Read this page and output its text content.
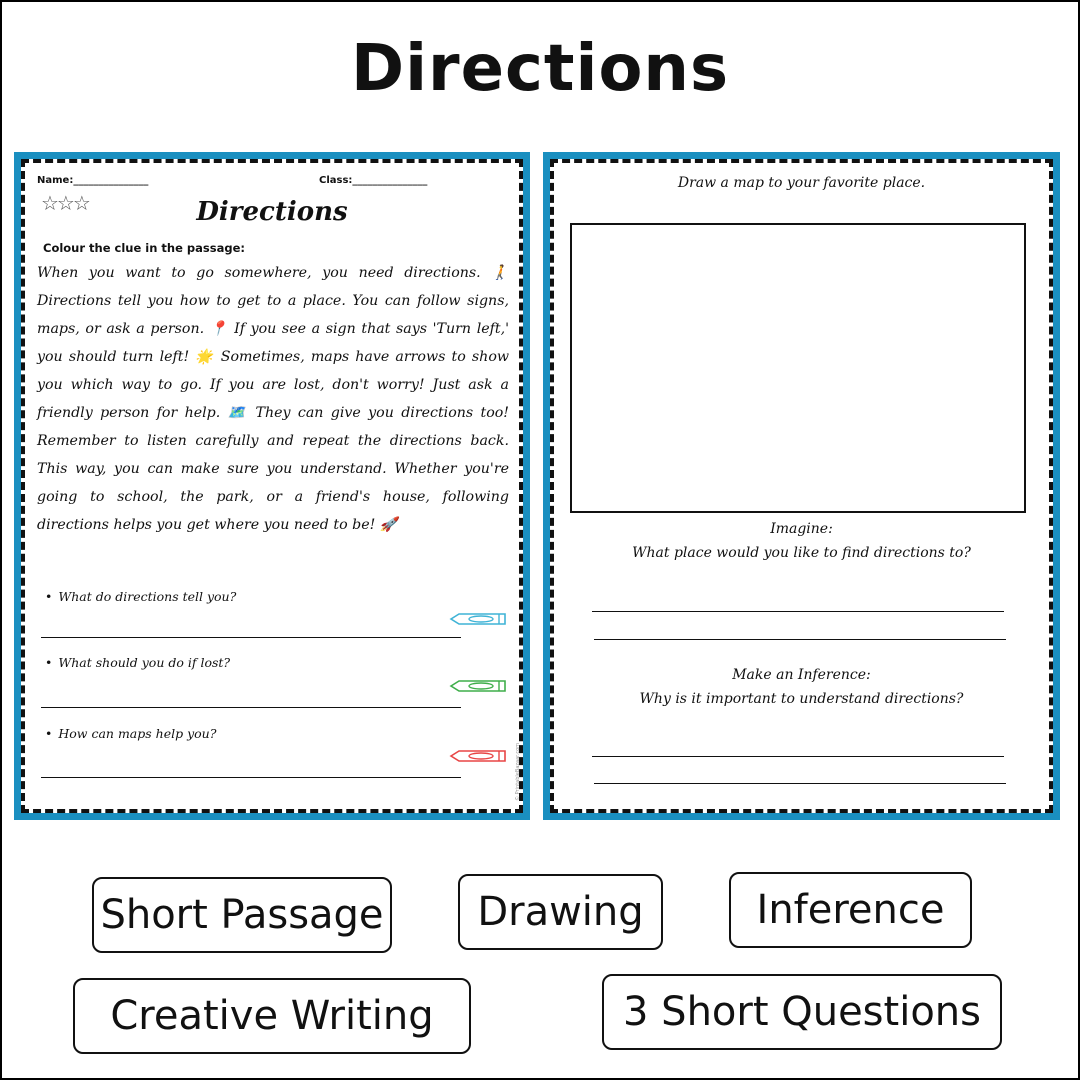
Directions
Name:_______________	Class:_______________
☆☆☆	Directions
Colour the clue in the passage:
When you want to go somewhere, you need directions. 🚶 Directions tell you how to get to a place. You can follow signs, maps, or ask a person. 📍 If you see a sign that says 'Turn left,' you should turn left! 🌟 Sometimes, maps have arrows to show you which way to go. If you are lost, don't worry! Just ask a friendly person for help. 🗺️ They can give you directions too! Remember to listen carefully and repeat the directions back. This way, you can make sure you understand. Whether you're going to school, the park, or a friend's house, following directions helps you get where you need to be! 🚀
• What do directions tell you?
• What should you do if lost?
• How can maps help you?
© PrintableBazaar.com
Draw a map to your favorite place.
Imagine:
What place would you like to find directions to?
Make an Inference:
Why is it important to understand directions?
Short Passage	Drawing	Inference
Creative Writing	3 Short Questions
